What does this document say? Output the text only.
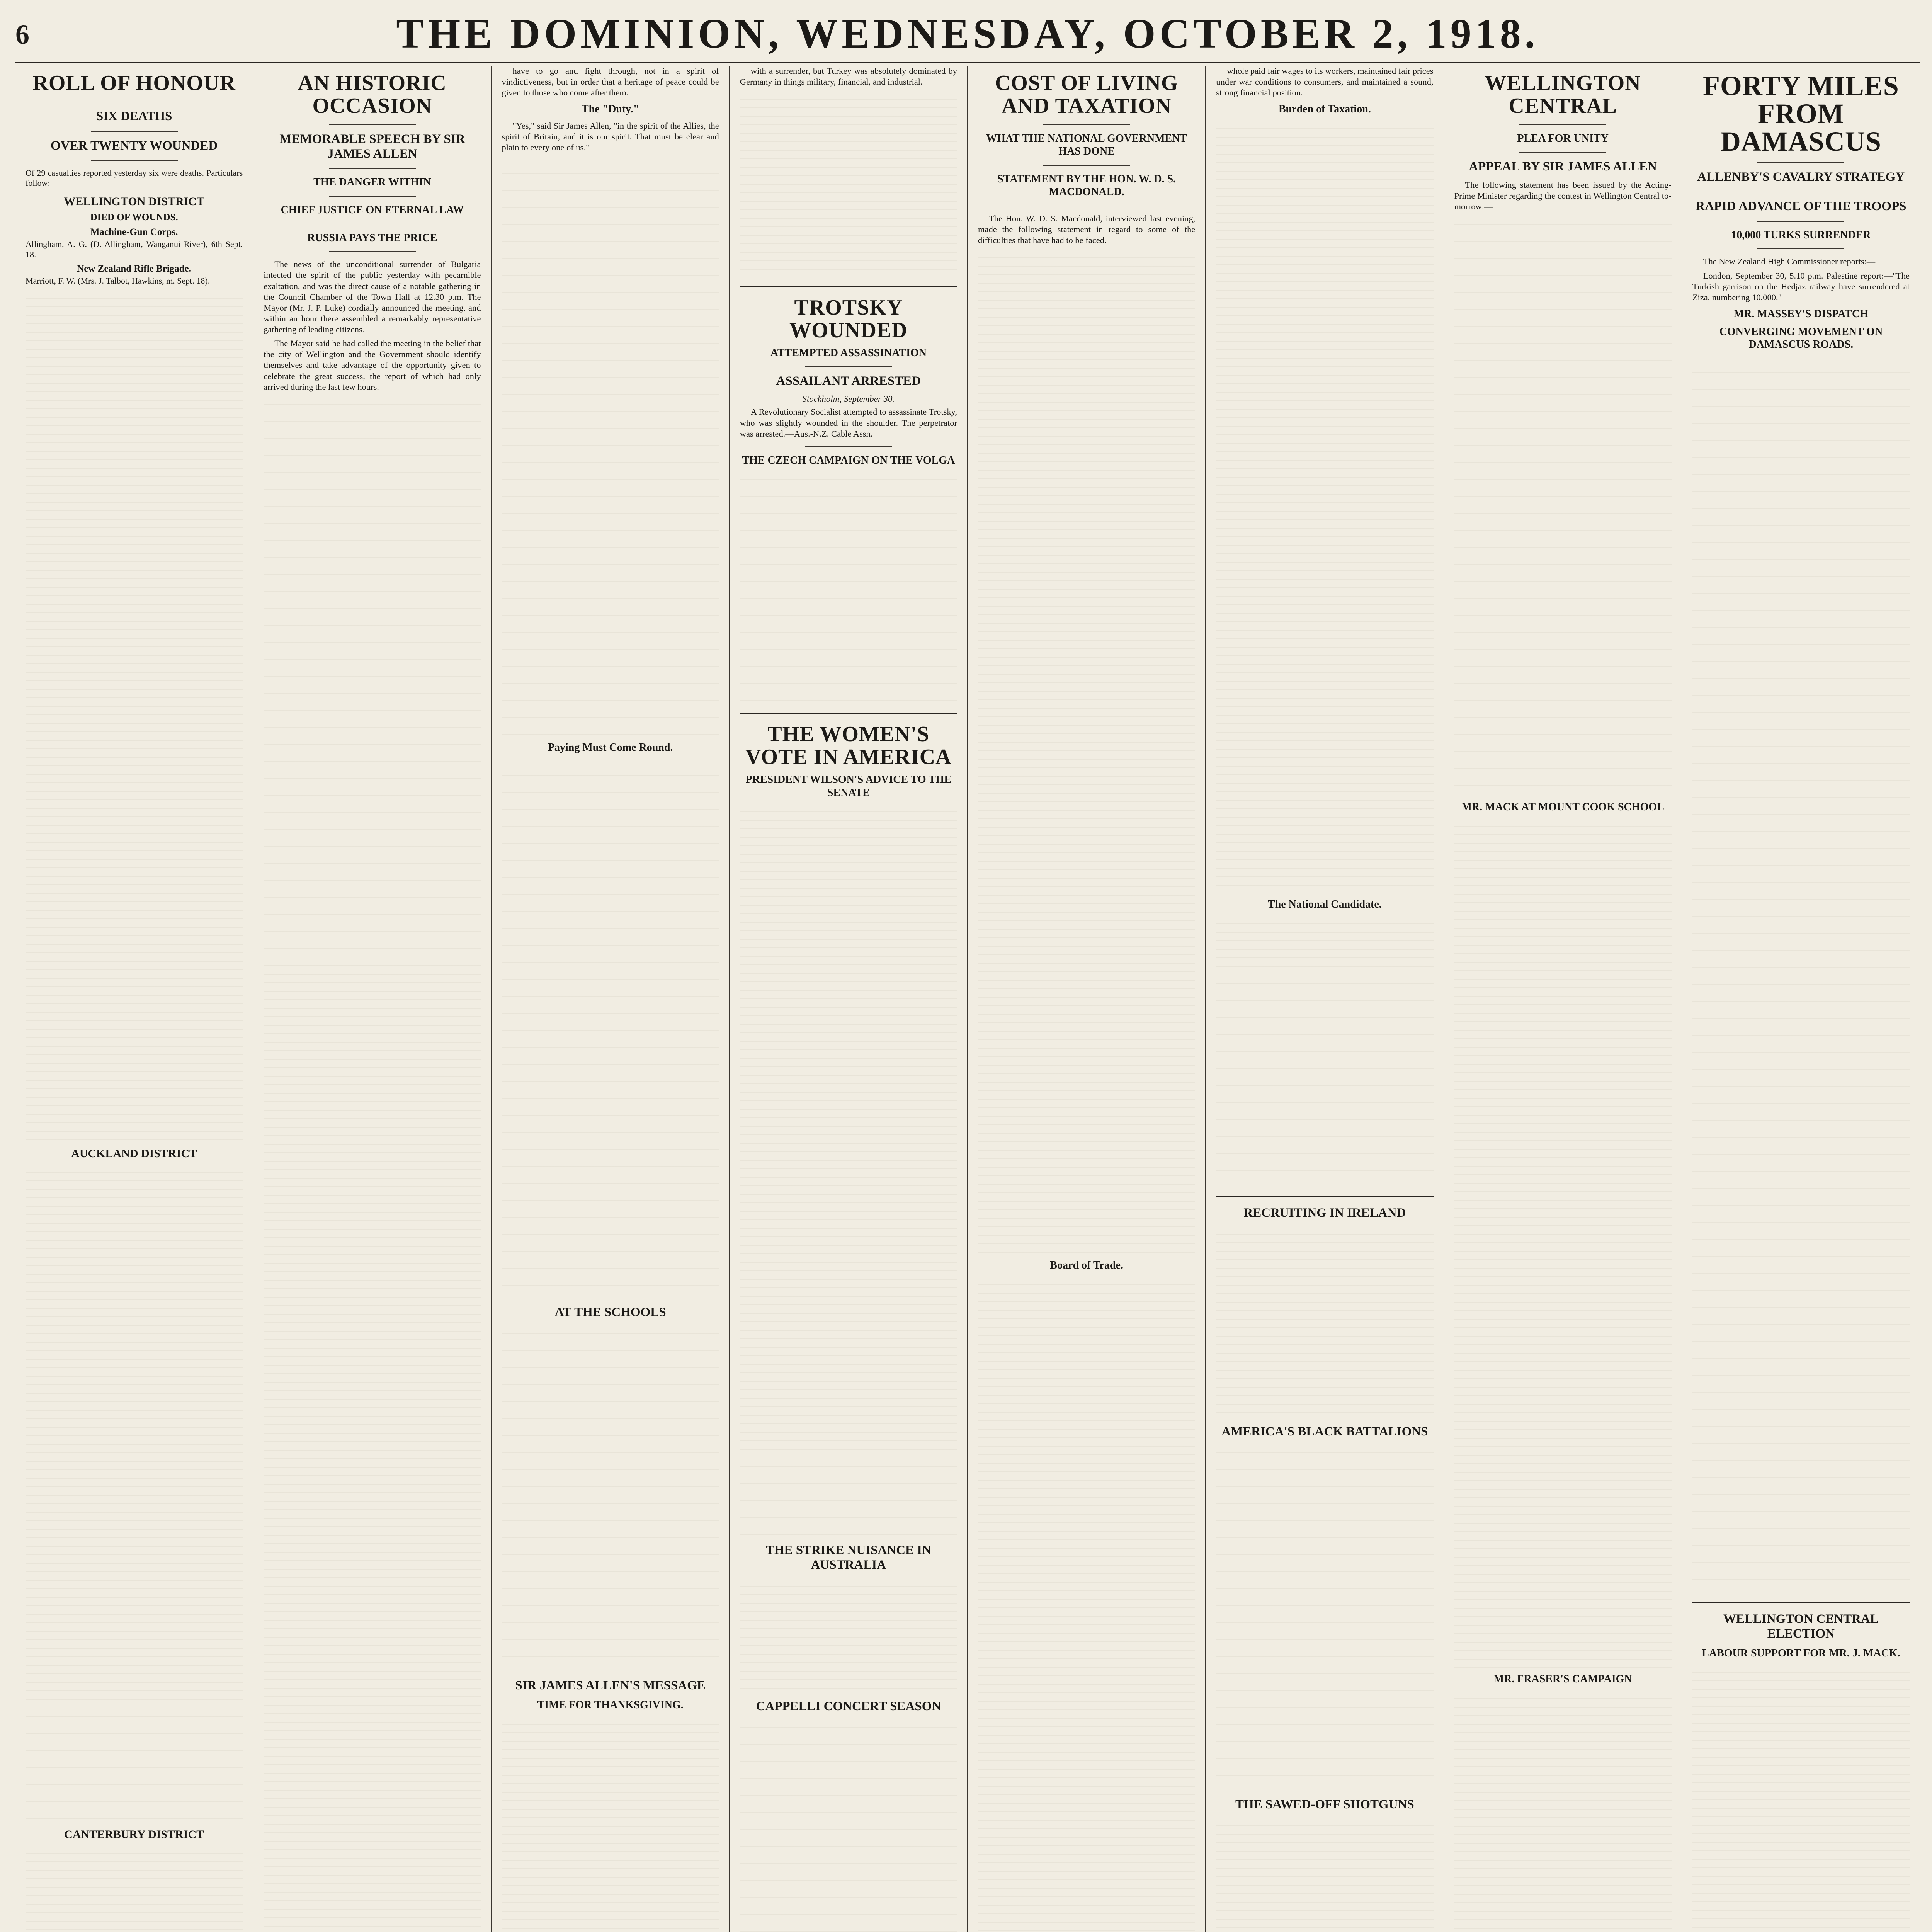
6	THE DOMINION, WEDNESDAY, OCTOBER 2, 1918.
ROLL OF HONOUR
SIX DEATHS
OVER TWENTY WOUNDED
Of 29 casualties reported yesterday six were deaths. Particulars follow:—
WELLINGTON DISTRICT
DIED OF WOUNDS.
Machine-Gun Corps.
Allingham, A. G. (D. Allingham, Wanganui River), 6th Sept. 18.
New Zealand Rifle Brigade.
Marriott, F. W. (Mrs. J. Talbot, Hawkins, m. Sept. 18).
AUCKLAND DISTRICT
CANTERBURY DISTRICT
AN HISTORIC OCCASION
MEMORABLE SPEECH BY SIR JAMES ALLEN
THE DANGER WITHIN
CHIEF JUSTICE ON ETERNAL LAW
RUSSIA PAYS THE PRICE

The news of the unconditional surrender of Bulgaria intected the spirit of the public yesterday with pecarnible exaltation, and was the direct cause of a notable gathering in the Council Chamber of the Town Hall at 12.30 p.m. The Mayor (Mr. J. P. Luke) cordially announced the meeting, and within an hour there assembled a remarkably representative gathering of leading citizens.

The Mayor said he had called the meeting in the belief that the city of Wellington and the Government should identify themselves and take advantage of the opportunity given to celebrate the great success, the report of which had only arrived during the last few hours.

have to go and fight through, not in a spirit of vindictiveness, but in order that a heritage of peace could be given to those who come after them.

The "Duty."

"Yes," said Sir James Allen, "in the spirit of the Allies, the spirit of Britain, and it is our spirit. That must be clear and plain to every one of us."

Paying Must Come Round.
AT THE SCHOOLS
SIR JAMES ALLEN'S MESSAGE
TIME FOR THANKSGIVING.

with a surrender, but Turkey was absolutely dominated by Germany in things military, financial, and industrial.

TROTSKY WOUNDED
ATTEMPTED ASSASSINATION
ASSAILANT ARRESTED
Stockholm, September 30.

A Revolutionary Socialist attempted to assassinate Trotsky, who was slightly wounded in the shoulder. The perpetrator was arrested.—Aus.-N.Z. Cable Assn.

THE CZECH CAMPAIGN ON THE VOLGA
THE WOMEN'S VOTE IN AMERICA
PRESIDENT WILSON'S ADVICE TO THE SENATE
THE STRIKE NUISANCE IN AUSTRALIA
CAPPELLI CONCERT SEASON
COST OF LIVING AND TAXATION
WHAT THE NATIONAL GOVERNMENT HAS DONE
STATEMENT BY THE HON. W. D. S. MACDONALD.

The Hon. W. D. S. Macdonald, interviewed last evening, made the following statement in regard to some of the difficulties that have had to be faced.

Board of Trade.

whole paid fair wages to its workers, maintained fair prices under war conditions to consumers, and maintained a sound, strong financial position.

Burden of Taxation.
The National Candidate.
RECRUITING IN IRELAND
AMERICA'S BLACK BATTALIONS
THE SAWED-OFF SHOTGUNS
WELLINGTON CENTRAL
PLEA FOR UNITY
APPEAL BY SIR JAMES ALLEN

The following statement has been issued by the Acting-Prime Minister regarding the contest in Wellington Central to-morrow:—

MR. MACK AT MOUNT COOK SCHOOL
MR. FRASER'S CAMPAIGN
FORTY MILES FROM DAMASCUS
ALLENBY'S CAVALRY STRATEGY
RAPID ADVANCE OF THE TROOPS
10,000 TURKS SURRENDER

The New Zealand High Commissioner reports:—

London, September 30, 5.10 p.m. Palestine report:—"The Turkish garrison on the Hedjaz railway have surrendered at Ziza, numbering 10,000."

MR. MASSEY'S DISPATCH
CONVERGING MOVEMENT ON DAMASCUS ROADS.
WELLINGTON CENTRAL ELECTION
LABOUR SUPPORT FOR MR. J. MACK.
